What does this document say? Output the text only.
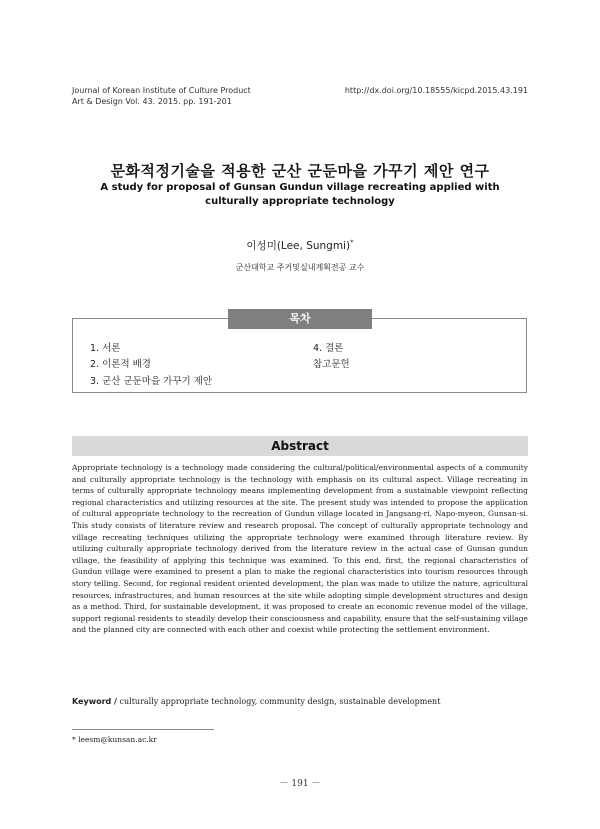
Journal of Korean Institute of Culture Product
Art & Design Vol. 43. 2015. pp. 191-201
http://dx.doi.org/10.18555/kicpd.2015.43.191
문화적정기술을 적용한 군산 군둔마을 가꾸기 제안 연구
A study for proposal of Gunsan Gundun village recreating applied with
culturally appropriate technology
이성미(Lee, Sungmi)*
군산대학교 주거및실내계획전공 교수
목차
1. 서론
2. 이론적 배경
3. 군산 군둔마을 가꾸기 제안
4. 결론
참고문헌
Abstract
Appropriate technology is a technology made considering the cultural/political/environmental aspects of a community and culturally appropriate technology is the technology with emphasis on its cultural aspect. Village recreating in terms of culturally appropriate technology means implementing development from a sustainable viewpoint reflecting regional characteristics and utilizing resources at the site. The present study was intended to propose the application of cultural appropriate technology to the recreation of Gundun village located in Jangsang-ri, Napo-myeon, Gunsan-si. This study consists of literature review and research proposal. The concept of culturally appropriate technology and village recreating techniques utilizing the appropriate technology were examined through literature review. By utilizing culturally appropriate technology derived from the literature review in the actual case of Gunsan gundun village, the feasibility of applying this technique was examined. To this end, first, the regional characteristics of Gundun village were examined to present a plan to make the regional characteristics into tourism resources through story telling. Second, for regional resident oriented development, the plan was made to utilize the nature, agricultural resources, infrastructures, and human resources at the site while adopting simple development structures and design as a method. Third, for sustainable development, it was proposed to create an economic revenue model of the village, support regional residents to steadily develop their consciousness and capability, ensure that the self-sustaining village and the planned city are connected with each other and coexist while protecting the settlement environment.
Keyword / culturally appropriate technology, community design, sustainable development
* leesm@kunsan.ac.kr
－ 191 －
